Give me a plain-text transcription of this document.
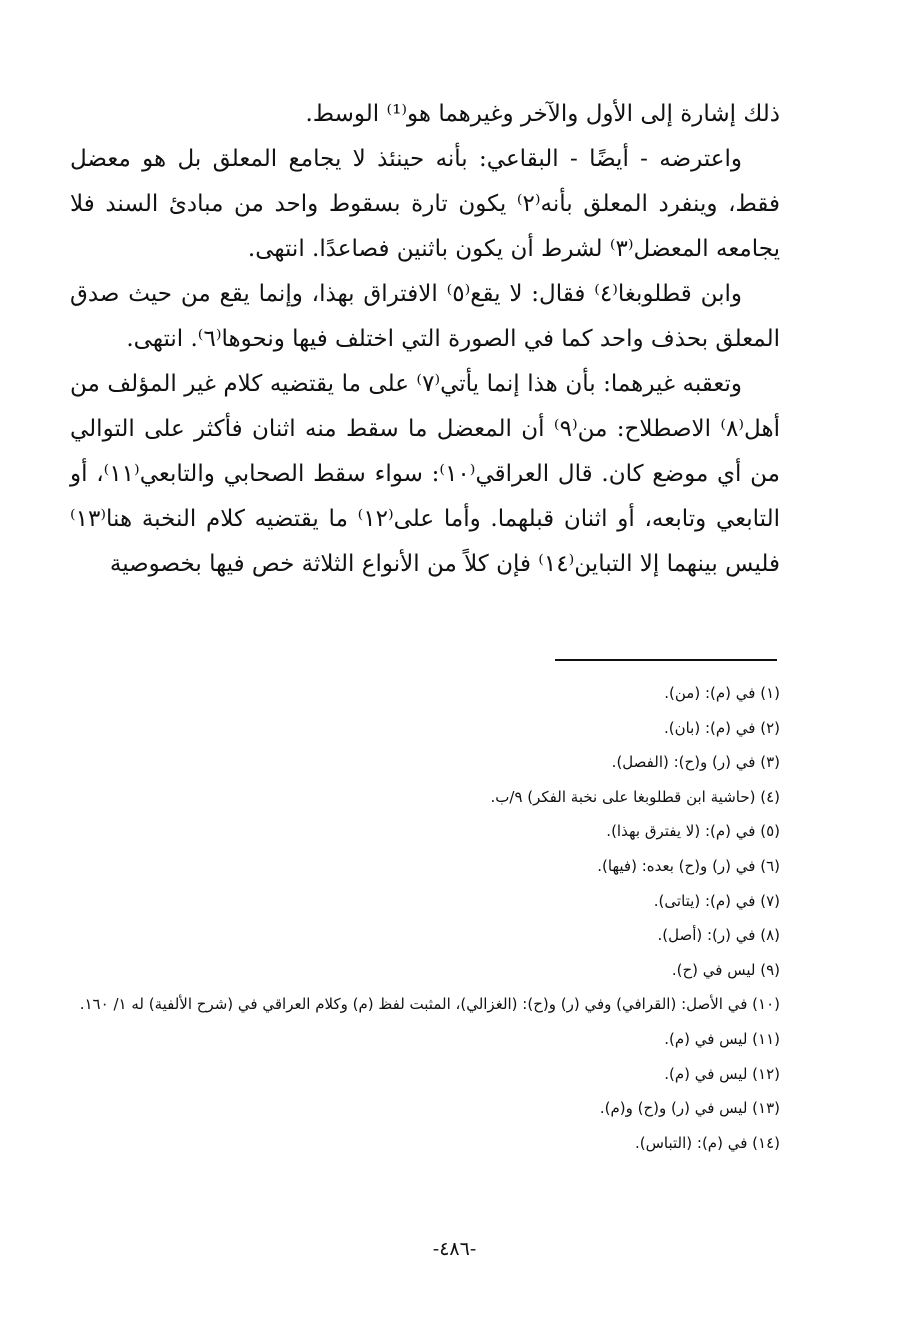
ذلك إشارة إلى الأول والآخر وغيرهما هو⁽¹⁾ الوسط.

واعترضه - أيضًا - البقاعي: بأنه حينئذ لا يجامع المعلق بل هو معضل فقط، وينفرد المعلق بأنه⁽٢⁾ يكون تارة بسقوط واحد من مبادئ السند فلا يجامعه المعضل⁽٣⁾ لشرط أن يكون باثنين فصاعدًا. انتهى.

وابن قطلوبغا⁽٤⁾ فقال: لا يقع⁽٥⁾ الافتراق بهذا، وإنما يقع من حيث صدق المعلق بحذف واحد كما في الصورة التي اختلف فيها ونحوها⁽٦⁾. انتهى.

وتعقبه غيرهما: بأن هذا إنما يأتي⁽٧⁾ على ما يقتضيه كلام غير المؤلف من أهل⁽٨⁾ الاصطلاح: من⁽٩⁾ أن المعضل ما سقط منه اثنان فأكثر على التوالي من أي موضع كان. قال العراقي⁽١٠⁾: سواء سقط الصحابي والتابعي⁽١١⁾، أو التابعي وتابعه، أو اثنان قبلهما. وأما على⁽١٢⁾ ما يقتضيه كلام النخبة هنا⁽١٣⁾ فليس بينهما إلا التباين⁽١٤⁾ فإن كلاً من الأنواع الثلاثة خص فيها بخصوصية

(١) في (م): (من).

(٢) في (م): (بان).

(٣) في (ر) و(ح): (الفصل).

(٤) (حاشية ابن قطلوبغا على نخبة الفكر) ٩/ب.

(٥) في (م): (لا يفترق بهذا).

(٦) في (ر) و(ح) بعده: (فيها).

(٧) في (م): (يتاتى).

(٨) في (ر): (أصل).

(٩) ليس في (ح).

(١٠) في الأصل: (القرافي) وفي (ر) و(ح): (الغزالي)، المثبت لفظ (م) وكلام العراقي في (شرح الألفية) له ١/ ١٦٠.

(١١) ليس في (م).

(١٢) ليس في (م).

(١٣) ليس في (ر) و(ح) و(م).

(١٤) في (م): (التباس).

-٤٨٦-
